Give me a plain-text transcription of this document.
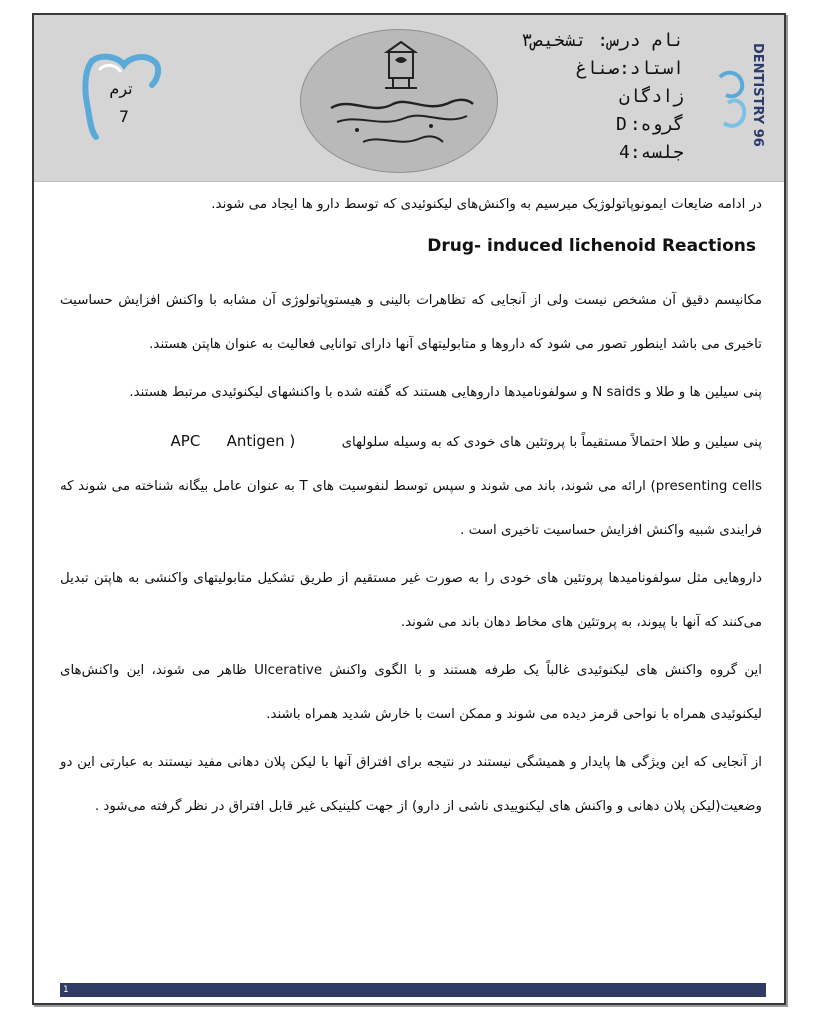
ترم
7
نام درس: تشخیص۳
استاد:صناغ
زادگان
گروه:D
جلسه:4
DENTISTRY 96

در ادامه ضایعات ایمونوپاتولوژیک میرسیم به واکنش‌های لیکنوئیدی که توسط دارو ها ایجاد می شوند.

Drug- induced lichenoid Reactions

مکانیسم دقیق آن مشخص نیست ولی از آنجایی که تظاهرات بالینی و هیستوپاتولوژی آن مشابه با واکنش افزایش حساسیت تاخیری می باشد اینطور تصور می شود که داروها و متابولیتهای آنها دارای توانایی فعالیت به عنوان هاپتن هستند.

پنی سیلین ها و طلا و N saids و سولفونامیدها داروهایی هستند که گفته شده با واکنشهای لیکنوئیدی مرتبط هستند.

پنی سیلین و طلا احتمالاً مستقیماً با پروتئین های خودی که به وسیله سلولهای APC Antigen )

presenting cells) ارائه می شوند، باند می شوند و سپس توسط لنفوسیت های T به عنوان عامل بیگانه شناخته می شوند که فرایندی شبیه واکنش افزایش حساسیت تاخیری است .

داروهایی مثل سولفونامیدها پروتئین های خودی را به صورت غیر مستقیم از طریق تشکیل متابولیتهای واکنشی به هاپتن تبدیل می‌کنند که آنها با پیوند، به پروتئین های مخاط دهان باند می شوند.

این گروه واکنش های لیکنوئیدی غالباً یک طرفه هستند و با الگوی واکنش Ulcerative ظاهر می شوند، این واکنش‌های لیکنوئیدی همراه با نواحی قرمز دیده می شوند و ممکن است با خارش شدید همراه باشند.

از آنجایی که این ویژگی ها پایدار و همیشگی نیستند در نتیجه برای افتراق آنها با لیکن پلان دهانی مفید نیستند به عبارتی این دو وضعیت(لیکن پلان دهانی و واکنش های لیکنوییدی ناشی از دارو) از جهت کلینیکی غیر قابل افتراق در نظر گرفته می‌شود .

1
